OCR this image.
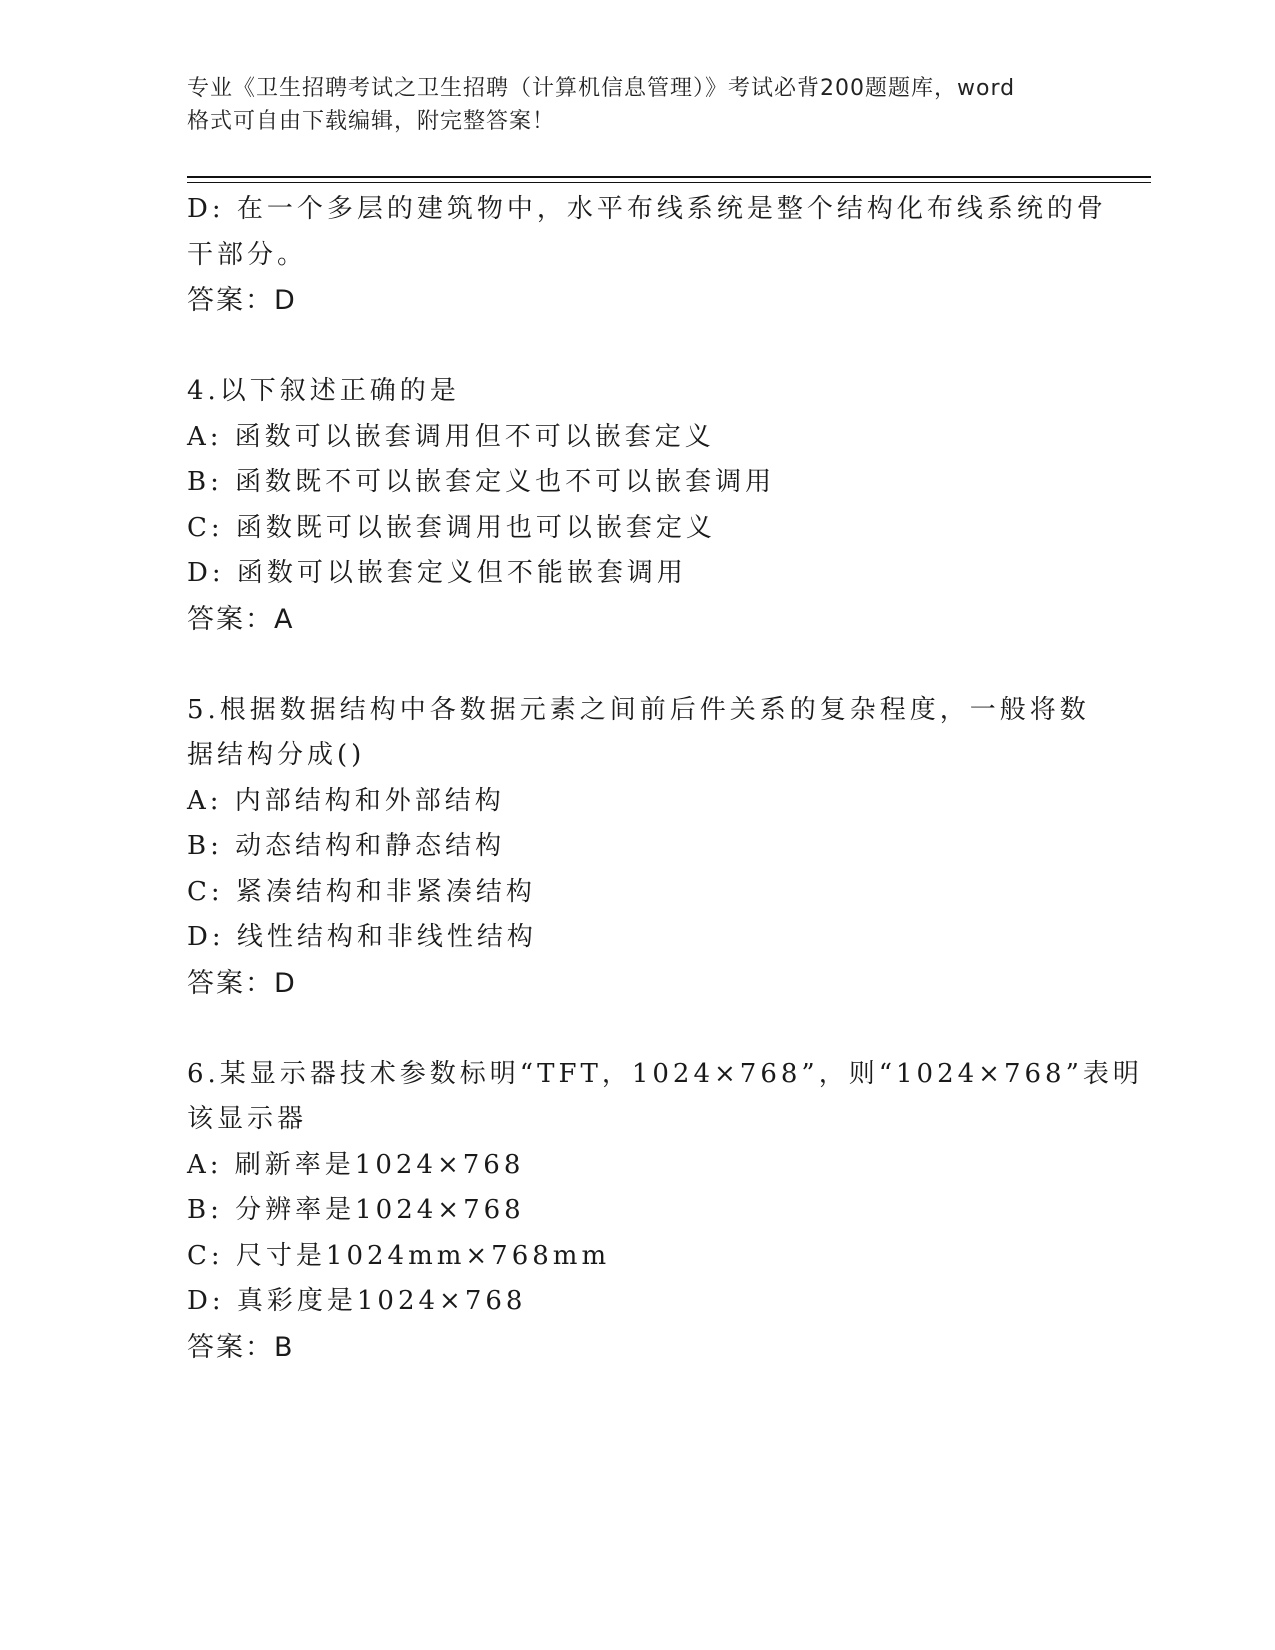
专业《卫生招聘考试之卫生招聘（计算机信息管理）》考试必背200题题库，word
格式可自由下载编辑，附完整答案！
D: 在一个多层的建筑物中，水平布线系统是整个结构化布线系统的骨
干部分。
答案：D
4.以下叙述正确的是
A: 函数可以嵌套调用但不可以嵌套定义
B: 函数既不可以嵌套定义也不可以嵌套调用
C: 函数既可以嵌套调用也可以嵌套定义
D: 函数可以嵌套定义但不能嵌套调用
答案：A
5.根据数据结构中各数据元素之间前后件关系的复杂程度，一般将数
据结构分成()
A: 内部结构和外部结构
B: 动态结构和静态结构
C: 紧凑结构和非紧凑结构
D: 线性结构和非线性结构
答案：D
6.某显示器技术参数标明“TFT，1024×768”，则“1024×768”表明
该显示器
A: 刷新率是1024×768
B: 分辨率是1024×768
C: 尺寸是1024mm×768mm
D: 真彩度是1024×768
答案：B
